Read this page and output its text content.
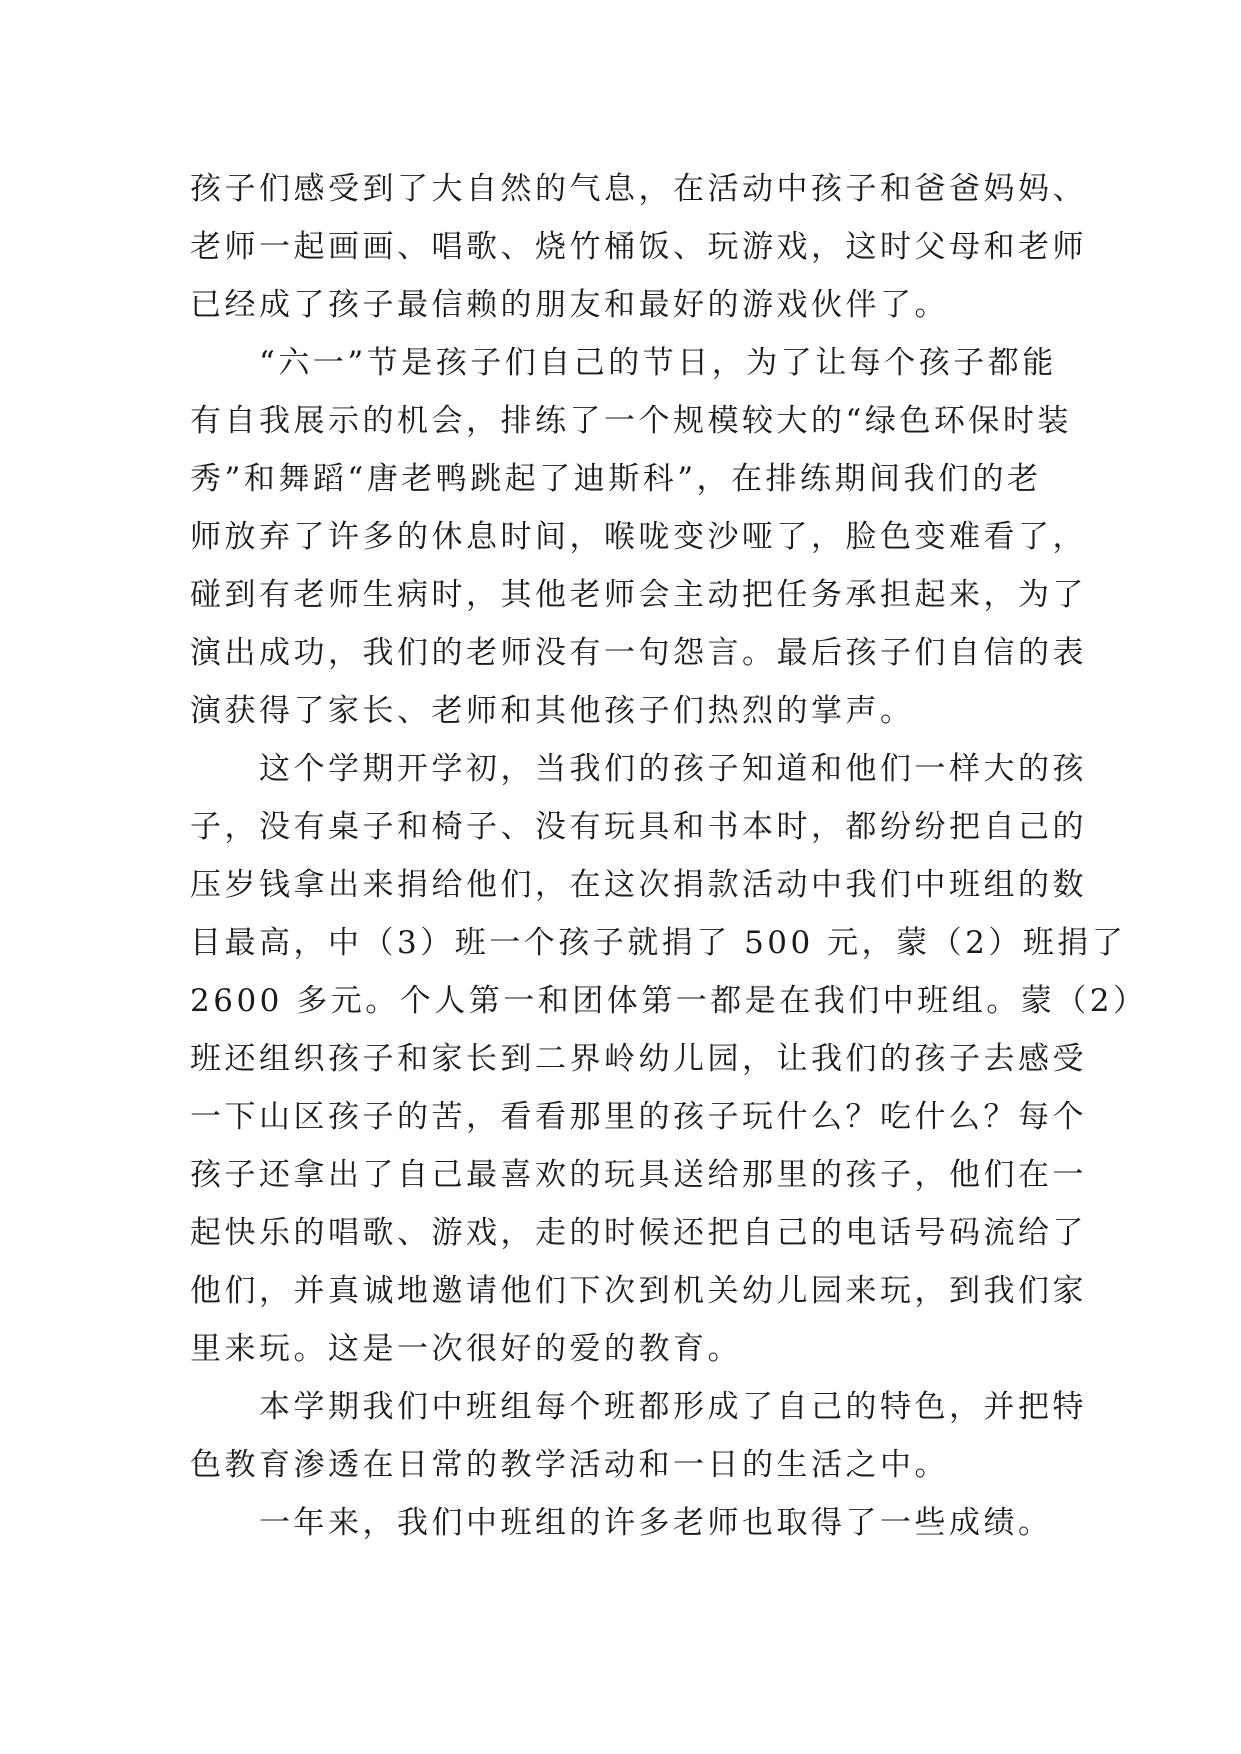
孩子们感受到了大自然的气息，在活动中孩子和爸爸妈妈、
老师一起画画、唱歌、烧竹桶饭、玩游戏，这时父母和老师
已经成了孩子最信赖的朋友和最好的游戏伙伴了。
　　“六一”节是孩子们自己的节日，为了让每个孩子都能
有自我展示的机会，排练了一个规模较大的“绿色环保时装
秀”和舞蹈“唐老鸭跳起了迪斯科”，在排练期间我们的老
师放弃了许多的休息时间，喉咙变沙哑了，脸色变难看了，
碰到有老师生病时，其他老师会主动把任务承担起来，为了
演出成功，我们的老师没有一句怨言。最后孩子们自信的表
演获得了家长、老师和其他孩子们热烈的掌声。
　　这个学期开学初，当我们的孩子知道和他们一样大的孩
子，没有桌子和椅子、没有玩具和书本时，都纷纷把自己的
压岁钱拿出来捐给他们，在这次捐款活动中我们中班组的数
目最高，中（3）班一个孩子就捐了 500 元，蒙（2）班捐了
2600 多元。个人第一和团体第一都是在我们中班组。蒙（2）
班还组织孩子和家长到二界岭幼儿园，让我们的孩子去感受
一下山区孩子的苦，看看那里的孩子玩什么？吃什么？每个
孩子还拿出了自己最喜欢的玩具送给那里的孩子，他们在一
起快乐的唱歌、游戏，走的时候还把自己的电话号码流给了
他们，并真诚地邀请他们下次到机关幼儿园来玩，到我们家
里来玩。这是一次很好的爱的教育。
　　本学期我们中班组每个班都形成了自己的特色，并把特
色教育渗透在日常的教学活动和一日的生活之中。
　　一年来，我们中班组的许多老师也取得了一些成绩。
